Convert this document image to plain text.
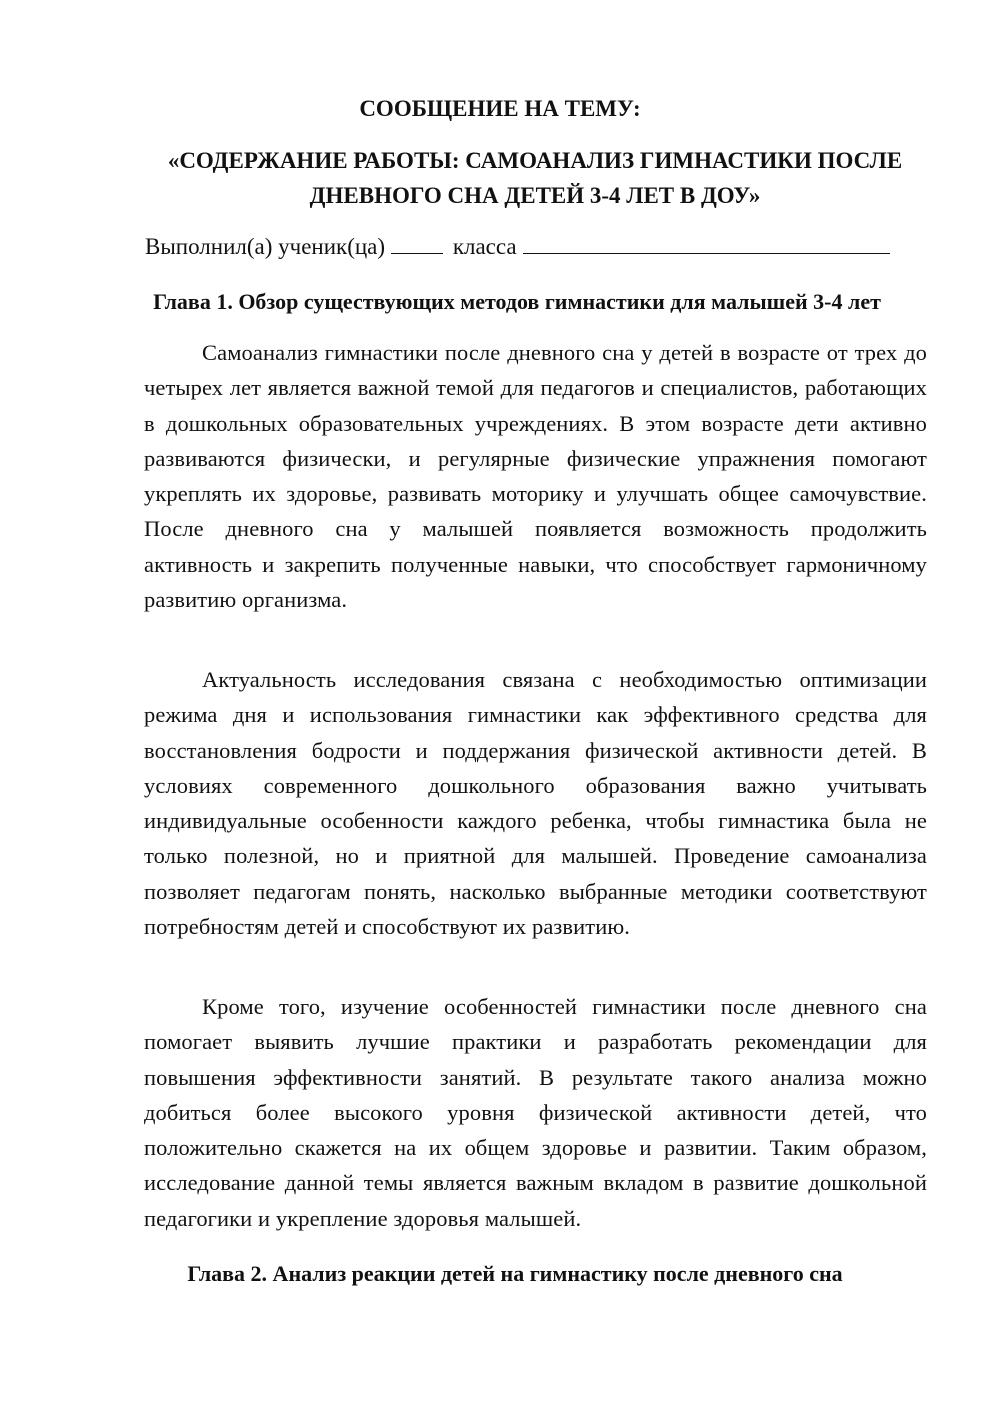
СООБЩЕНИЕ НА ТЕМУ:
«СОДЕРЖАНИЕ РАБОТЫ: САМОАНАЛИЗ ГИМНАСТИКИ ПОСЛЕ ДНЕВНОГО СНА ДЕТЕЙ 3-4 ЛЕТ В ДОУ»
Выполнил(а) ученик(ца)	класса
Глава 1. Обзор существующих методов гимнастики для малышей 3-4 лет

Самоанализ гимнастики после дневного сна у детей в возрасте от трех до четырех лет является важной темой для педагогов и специалистов, работающих в дошкольных образовательных учреждениях. В этом возрасте дети активно развиваются физически, и регулярные физические упражнения помогают укреплять их здоровье, развивать моторику и улучшать общее самочувствие. После дневного сна у малышей появляется возможность продолжить активность и закрепить полученные навыки, что способствует гармоничному развитию организма.

Актуальность исследования связана с необходимостью оптимизации режима дня и использования гимнастики как эффективного средства для восстановления бодрости и поддержания физической активности детей. В условиях современного дошкольного образования важно учитывать индивидуальные особенности каждого ребенка, чтобы гимнастика была не только полезной, но и приятной для малышей. Проведение самоанализа позволяет педагогам понять, насколько выбранные методики соответствуют потребностям детей и способствуют их развитию.

Кроме того, изучение особенностей гимнастики после дневного сна помогает выявить лучшие практики и разработать рекомендации для повышения эффективности занятий. В результате такого анализа можно добиться более высокого уровня физической активности детей, что положительно скажется на их общем здоровье и развитии. Таким образом, исследование данной темы является важным вкладом в развитие дошкольной педагогики и укрепление здоровья малышей.

Глава 2. Анализ реакции детей на гимнастику после дневного сна
